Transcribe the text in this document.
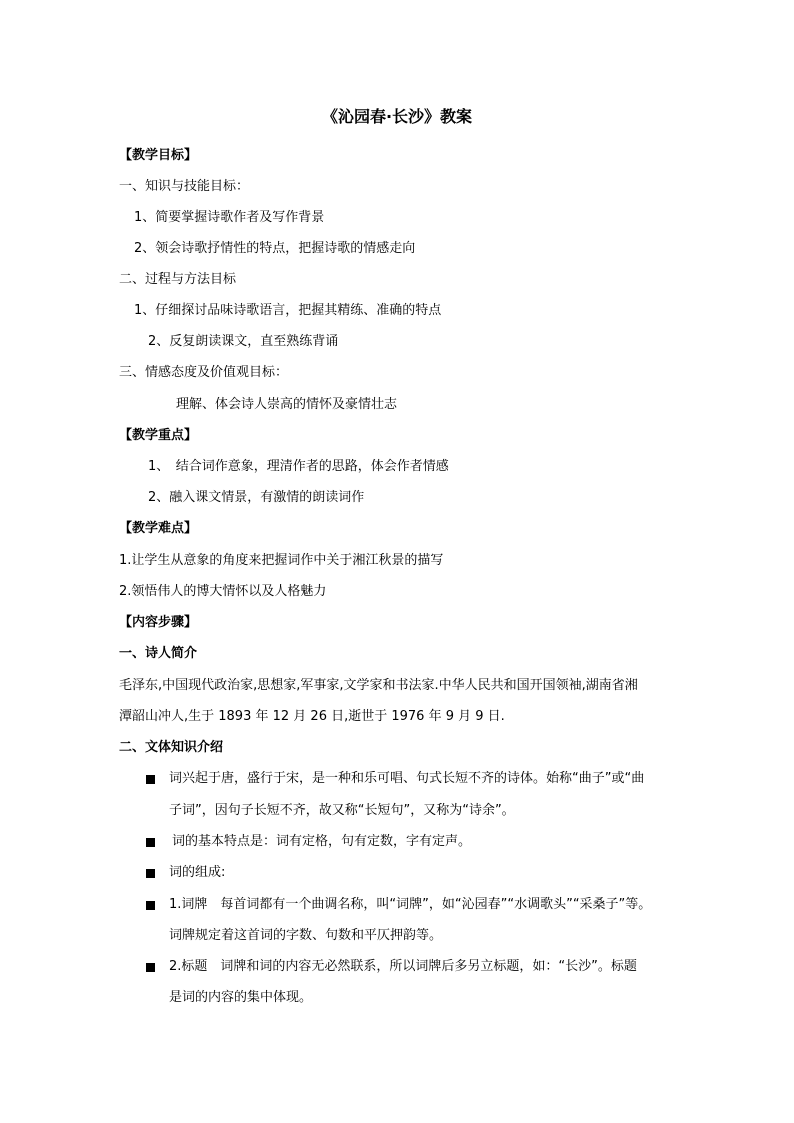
《沁园春·长沙》教案
【教学目标】
一、知识与技能目标：
1、简要掌握诗歌作者及写作背景
2、领会诗歌抒情性的特点，把握诗歌的情感走向
二、过程与方法目标
1、仔细探讨品味诗歌语言，把握其精练、准确的特点
2、反复朗读课文，直至熟练背诵
三、情感态度及价值观目标：
理解、体会诗人崇高的情怀及豪情壮志
【教学重点】
1、　结合词作意象，理清作者的思路，体会作者情感
2、融入课文情景，有激情的朗读词作
【教学难点】
1.让学生从意象的角度来把握词作中关于湘江秋景的描写
2.领悟伟人的博大情怀以及人格魅力
【内容步骤】
一、诗人简介
毛泽东,中国现代政治家,思想家,军事家,文学家和书法家.中华人民共和国开国领袖,湖南省湘
潭韶山冲人,生于 1893 年 12 月 26 日,逝世于 1976 年 9 月 9 日.
二、文体知识介绍
词兴起于唐，盛行于宋，是一种和乐可唱、句式长短不齐的诗体。始称“曲子”或“曲
子词”，因句子长短不齐，故又称“长短句”，又称为“诗余”。
词的基本特点是：词有定格，句有定数，字有定声。
词的组成:
1.词牌　每首词都有一个曲调名称，叫“词牌”，如“沁园春”“水调歌头”“采桑子”等。
词牌规定着这首词的字数、句数和平仄押韵等。
2.标题　词牌和词的内容无必然联系，所以词牌后多另立标题，如：“长沙”。标题
是词的内容的集中体现。
